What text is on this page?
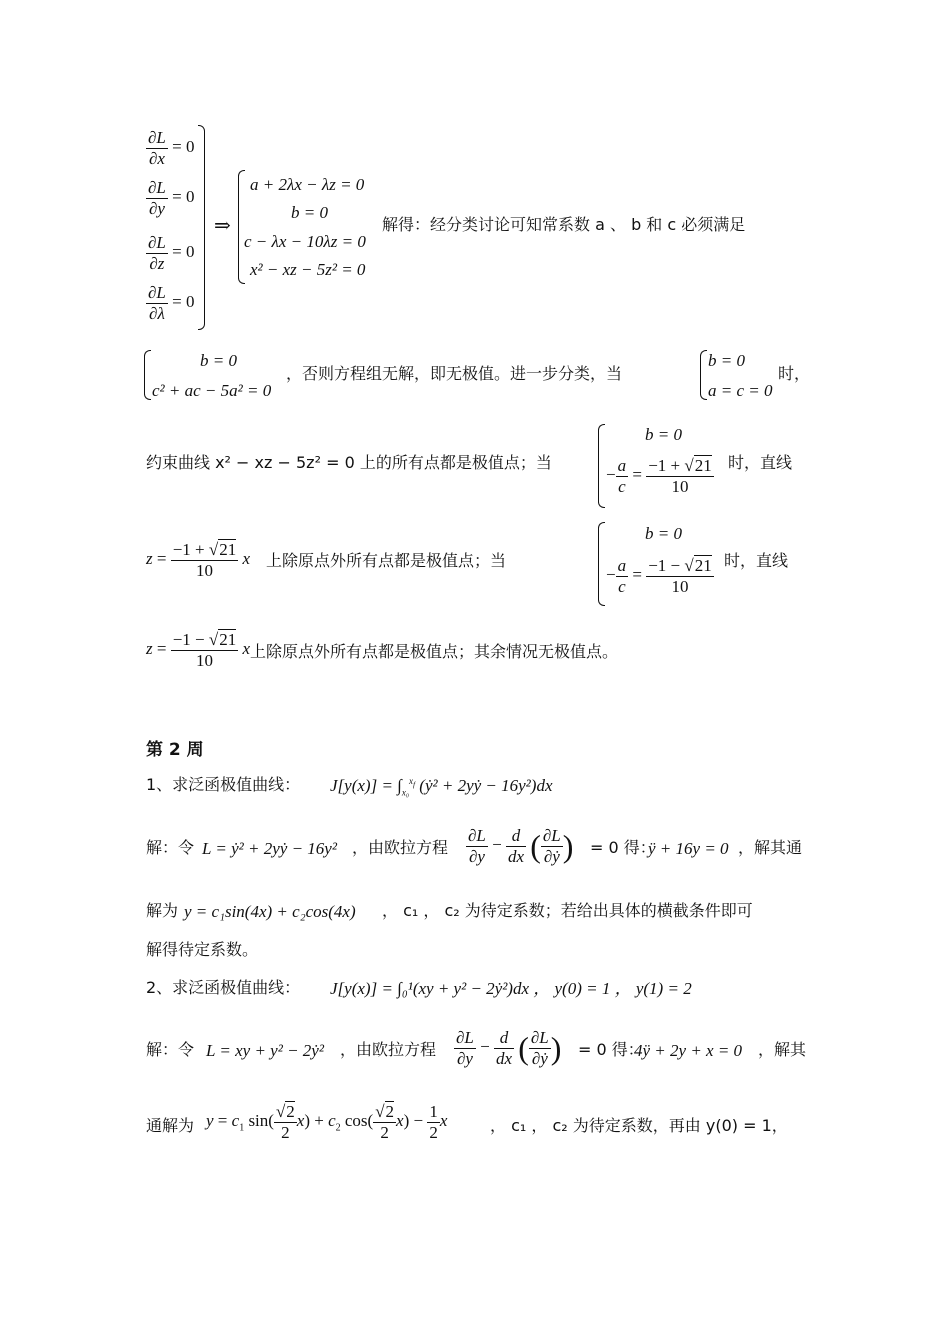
$\frac{\partial L}{\partial x} = 0$
$\frac{\partial L}{\partial y} = 0$
$\frac{\partial L}{\partial z} = 0$
$\frac{\partial L}{\partial\lambda} = 0$
⇒
a + 2λx − λz = 0
b = 0
c − λx − 10λz = 0
x² − xz − 5z² = 0
解得：经分类讨论可知常系数 a 、 b 和 c 必须满足
b = 0
c² + ac − 5a² = 0
，否则方程组无解，即无极值。进一步分类，当
b = 0
a = c = 0
时，
约束曲线 x² − xz − 5z² = 0 上的所有点都是极值点；当
b = 0
− $\frac{a}{c} = \frac{-1 + √21}{10}$ 时，直线
$z = \frac{-1 + √21}{10}$ x 上除原点外所有点都是极值点；当
b = 0
− $\frac{a}{c} = \frac{-1 - √21}{10}$ 时，直线
$z = \frac{-1 - √21}{10}$ x 上除原点外所有点都是极值点；其余情况无极值点。
第 2 周
1、求泛函极值曲线： $J[y(x)] = \int_{x_0}^{x_f}$ (ẏ² + 2yẏ − 16y²)dx
解：令 L = ẏ² + 2yẏ − 16y² ，由欧拉方程 $\frac{\partial L}{\partial y} - \frac{d}{dx}$ ( $\frac{\partial L}{\text{∂ẏ}}$ ) = 0 得：
ÿ + 16y = 0 ，解其通
解为 y = c₁sin(4x) + c₂cos(4x) ， c₁ ， c₂ 为待定系数；若给出具体的横截条件即可
解得待定系数。
2、求泛函极值曲线： J[y(x)] = ∫₀¹(xy + y² − 2ẏ²)dx ， y(0) = 1 ， y(1) = 2
解：令 L = xy + y² − 2ẏ² ，由欧拉方程 $\frac{\partial L}{\partial y} - \frac{d}{dx}$ ( $\frac{\partial L}{\text{∂ẏ}}$ ) = 0 得：
4ÿ + 2y + x = 0 ，解其
通解为 $y = c_1$ $\sin( \frac{√2}{2} x) + c_2$ $\cos( \frac{√2}{2} x) - \frac{1}{2}$ x	， c₁ ， c₂ 为待定系数，再由 y(0) = 1，
